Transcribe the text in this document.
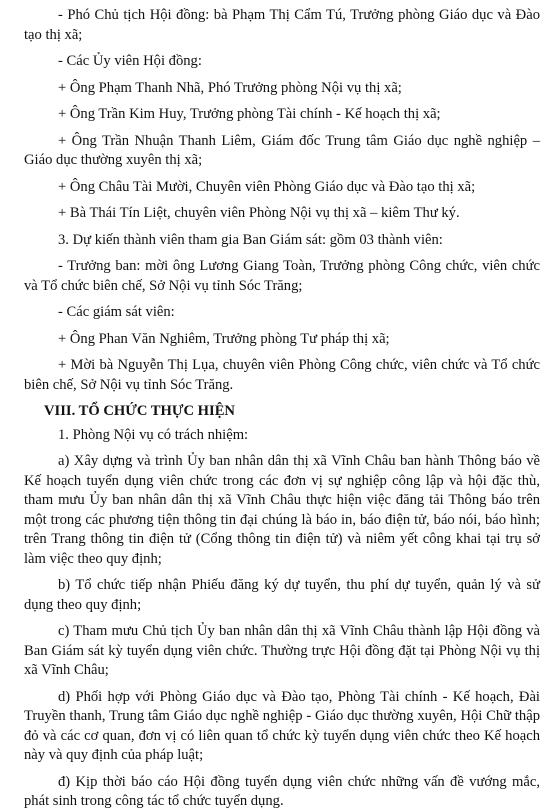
- Phó Chủ tịch Hội đồng: bà Phạm Thị Cẩm Tú, Trưởng phòng Giáo dục và Đào tạo thị xã;

- Các Ủy viên Hội đồng:

+ Ông Phạm Thanh Nhã, Phó Trưởng phòng Nội vụ thị xã;

+ Ông Trần Kim Huy, Trưởng phòng Tài chính - Kế hoạch thị xã;

+ Ông Trần Nhuận Thanh Liêm, Giám đốc Trung tâm Giáo dục nghề nghiệp – Giáo dục thường xuyên thị xã;

+ Ông Châu Tài Mười, Chuyên viên Phòng Giáo dục và Đào tạo thị xã;

+ Bà Thái Tín Liệt, chuyên viên Phòng Nội vụ thị xã – kiêm Thư ký.

3. Dự kiến thành viên tham gia Ban Giám sát: gồm 03 thành viên:

- Trưởng ban: mời ông Lương Giang Toàn, Trưởng phòng Công chức, viên chức và Tổ chức biên chế, Sở Nội vụ tỉnh Sóc Trăng;

- Các giám sát viên:

+ Ông Phan Văn Nghiêm, Trưởng phòng Tư pháp thị xã;

+ Mời bà Nguyễn Thị Lụa, chuyên viên Phòng Công chức, viên chức và Tổ chức biên chế, Sở Nội vụ tỉnh Sóc Trăng.

VIII. TỔ CHỨC THỰC HIỆN

1. Phòng Nội vụ có trách nhiệm:

a) Xây dựng và trình Ủy ban nhân dân thị xã Vĩnh Châu ban hành Thông báo về Kế hoạch tuyển dụng viên chức trong các đơn vị sự nghiệp công lập và hội đặc thù, tham mưu Ủy ban nhân dân thị xã Vĩnh Châu thực hiện việc đăng tải Thông báo trên một trong các phương tiện thông tin đại chúng là báo in, báo điện tử, báo nói, báo hình; trên Trang thông tin điện tử (Cổng thông tin điện tử) và niêm yết công khai tại trụ sở làm việc theo quy định;

b) Tổ chức tiếp nhận Phiếu đăng ký dự tuyển, thu phí dự tuyển, quản lý và sử dụng theo quy định;

c) Tham mưu Chủ tịch Ủy ban nhân dân thị xã Vĩnh Châu thành lập Hội đồng và Ban Giám sát kỳ tuyển dụng viên chức. Thường trực Hội đồng đặt tại Phòng Nội vụ thị xã Vĩnh Châu;

d) Phối hợp với Phòng Giáo dục và Đào tạo, Phòng Tài chính - Kế hoạch, Đài Truyền thanh, Trung tâm Giáo dục nghề nghiệp - Giáo dục thường xuyên, Hội Chữ thập đỏ và các cơ quan, đơn vị có liên quan tổ chức kỳ tuyển dụng viên chức theo Kế hoạch này và quy định của pháp luật;

đ) Kịp thời báo cáo Hội đồng tuyển dụng viên chức những vấn đề vướng mắc, phát sinh trong công tác tổ chức tuyển dụng.
